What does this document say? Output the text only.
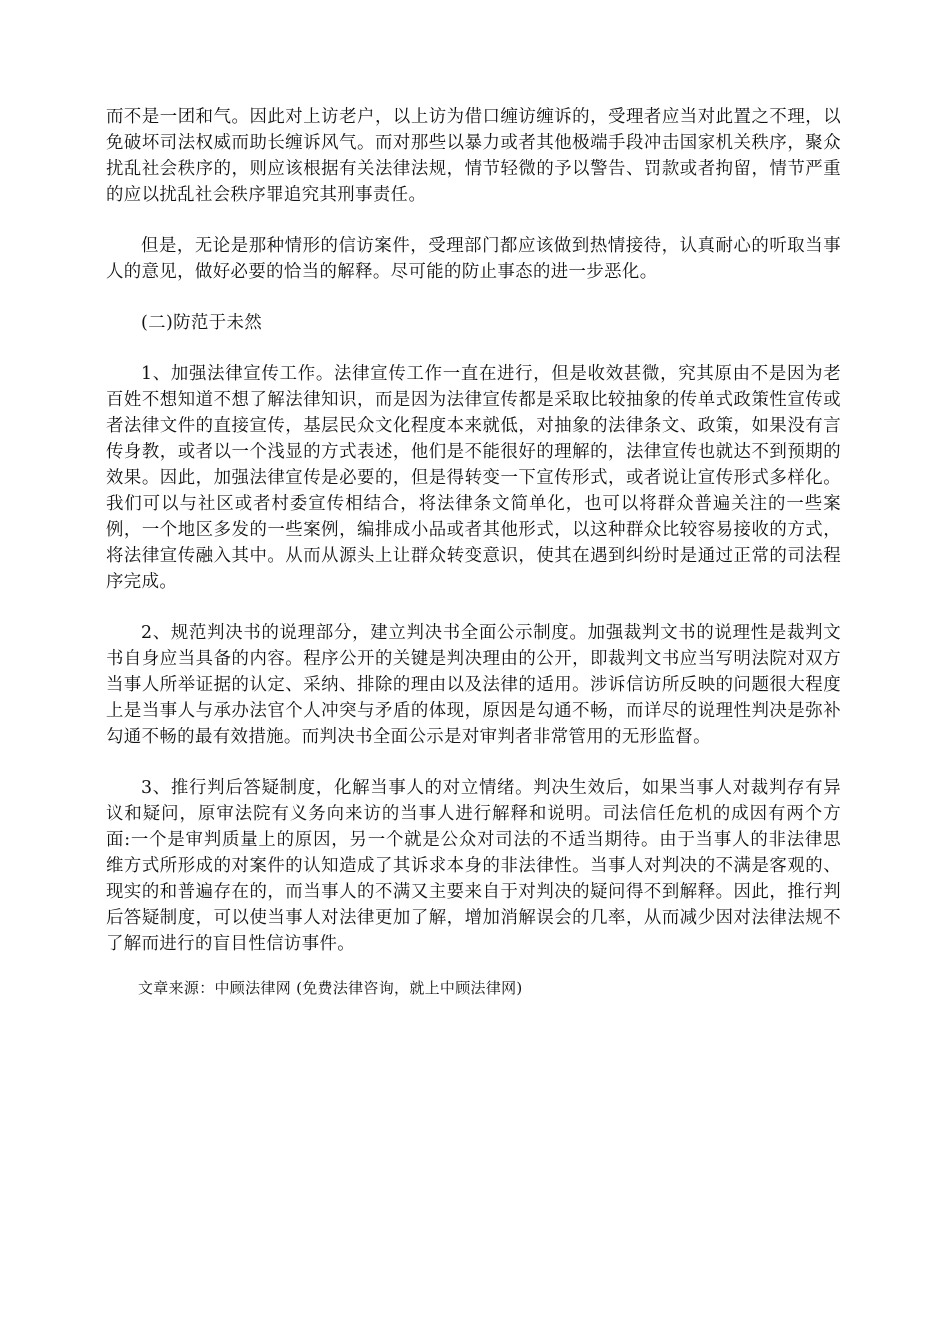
而不是一团和气。因此对上访老户，以上访为借口缠访缠诉的，受理者应当对此置之不理，以免破坏司法权威而助长缠诉风气。而对那些以暴力或者其他极端手段冲击国家机关秩序，聚众扰乱社会秩序的，则应该根据有关法律法规，情节轻微的予以警告、罚款或者拘留，情节严重的应以扰乱社会秩序罪追究其刑事责任。

但是，无论是那种情形的信访案件，受理部门都应该做到热情接待，认真耐心的听取当事人的意见，做好必要的恰当的解释。尽可能的防止事态的进一步恶化。

(二)防范于未然

1、加强法律宣传工作。法律宣传工作一直在进行，但是收效甚微，究其原由不是因为老百姓不想知道不想了解法律知识，而是因为法律宣传都是采取比较抽象的传单式政策性宣传或者法律文件的直接宣传，基层民众文化程度本来就低，对抽象的法律条文、政策，如果没有言传身教，或者以一个浅显的方式表述，他们是不能很好的理解的，法律宣传也就达不到预期的效果。因此，加强法律宣传是必要的，但是得转变一下宣传形式，或者说让宣传形式多样化。我们可以与社区或者村委宣传相结合，将法律条文简单化，也可以将群众普遍关注的一些案例，一个地区多发的一些案例，编排成小品或者其他形式，以这种群众比较容易接收的方式，将法律宣传融入其中。从而从源头上让群众转变意识，使其在遇到纠纷时是通过正常的司法程序完成。

2、规范判决书的说理部分，建立判决书全面公示制度。加强裁判文书的说理性是裁判文书自身应当具备的内容。程序公开的关键是判决理由的公开，即裁判文书应当写明法院对双方当事人所举证据的认定、采纳、排除的理由以及法律的适用。涉诉信访所反映的问题很大程度上是当事人与承办法官个人冲突与矛盾的体现，原因是勾通不畅，而详尽的说理性判决是弥补勾通不畅的最有效措施。而判决书全面公示是对审判者非常管用的无形监督。

3、推行判后答疑制度，化解当事人的对立情绪。判决生效后，如果当事人对裁判存有异议和疑问，原审法院有义务向来访的当事人进行解释和说明。司法信任危机的成因有两个方面:一个是审判质量上的原因，另一个就是公众对司法的不适当期待。由于当事人的非法律思维方式所形成的对案件的认知造成了其诉求本身的非法律性。当事人对判决的不满是客观的、现实的和普遍存在的，而当事人的不满又主要来自于对判决的疑问得不到解释。因此，推行判后答疑制度，可以使当事人对法律更加了解，增加消解误会的几率，从而减少因对法律法规不了解而进行的盲目性信访事件。

文章来源：中顾法律网 (免费法律咨询，就上中顾法律网)
